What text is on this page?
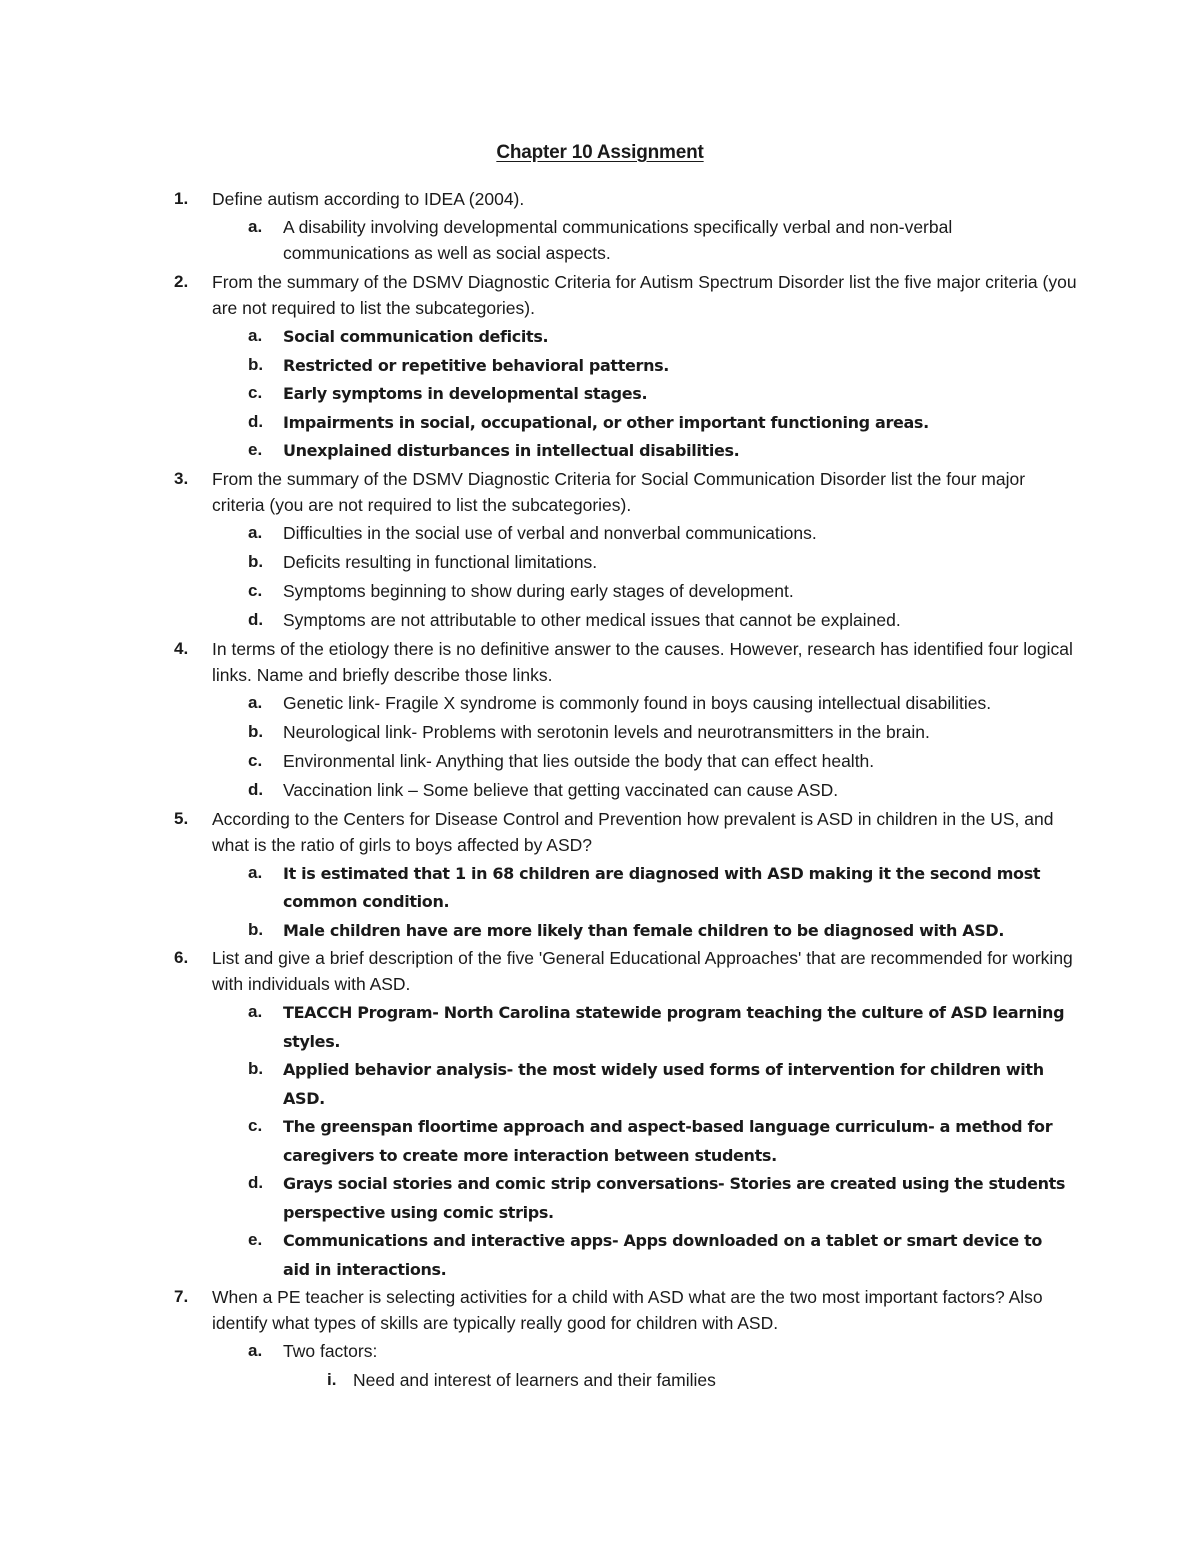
Chapter 10 Assignment
1. Define autism according to IDEA (2004).
a. A disability involving developmental communications specifically verbal and non-verbal communications as well as social aspects.
2. From the summary of the DSMV Diagnostic Criteria for Autism Spectrum Disorder list the five major criteria (you are not required to list the subcategories).
a. Social communication deficits.
b. Restricted or repetitive behavioral patterns.
c. Early symptoms in developmental stages.
d. Impairments in social, occupational, or other important functioning areas.
e. Unexplained disturbances in intellectual disabilities.
3. From the summary of the DSMV Diagnostic Criteria for Social Communication Disorder list the four major criteria (you are not required to list the subcategories).
a. Difficulties in the social use of verbal and nonverbal communications.
b. Deficits resulting in functional limitations.
c. Symptoms beginning to show during early stages of development.
d. Symptoms are not attributable to other medical issues that cannot be explained.
4. In terms of the etiology there is no definitive answer to the causes. However, research has identified four logical links. Name and briefly describe those links.
a. Genetic link- Fragile X syndrome is commonly found in boys causing intellectual disabilities.
b. Neurological link- Problems with serotonin levels and neurotransmitters in the brain.
c. Environmental link- Anything that lies outside the body that can effect health.
d. Vaccination link – Some believe that getting vaccinated can cause ASD.
5. According to the Centers for Disease Control and Prevention how prevalent is ASD in children in the US, and what is the ratio of girls to boys affected by ASD?
a. It is estimated that 1 in 68 children are diagnosed with ASD making it the second most common condition.
b. Male children have are more likely than female children to be diagnosed with ASD.
6. List and give a brief description of the five 'General Educational Approaches' that are recommended for working with individuals with ASD.
a. TEACCH Program- North Carolina statewide program teaching the culture of ASD learning styles.
b. Applied behavior analysis- the most widely used forms of intervention for children with ASD.
c. The greenspan floortime approach and aspect-based language curriculum- a method for caregivers to create more interaction between students.
d. Grays social stories and comic strip conversations- Stories are created using the students perspective using comic strips.
e. Communications and interactive apps- Apps downloaded on a tablet or smart device to aid in interactions.
7. When a PE teacher is selecting activities for a child with ASD what are the two most important factors? Also identify what types of skills are typically really good for children with ASD.
a. Two factors:
i. Need and interest of learners and their families
